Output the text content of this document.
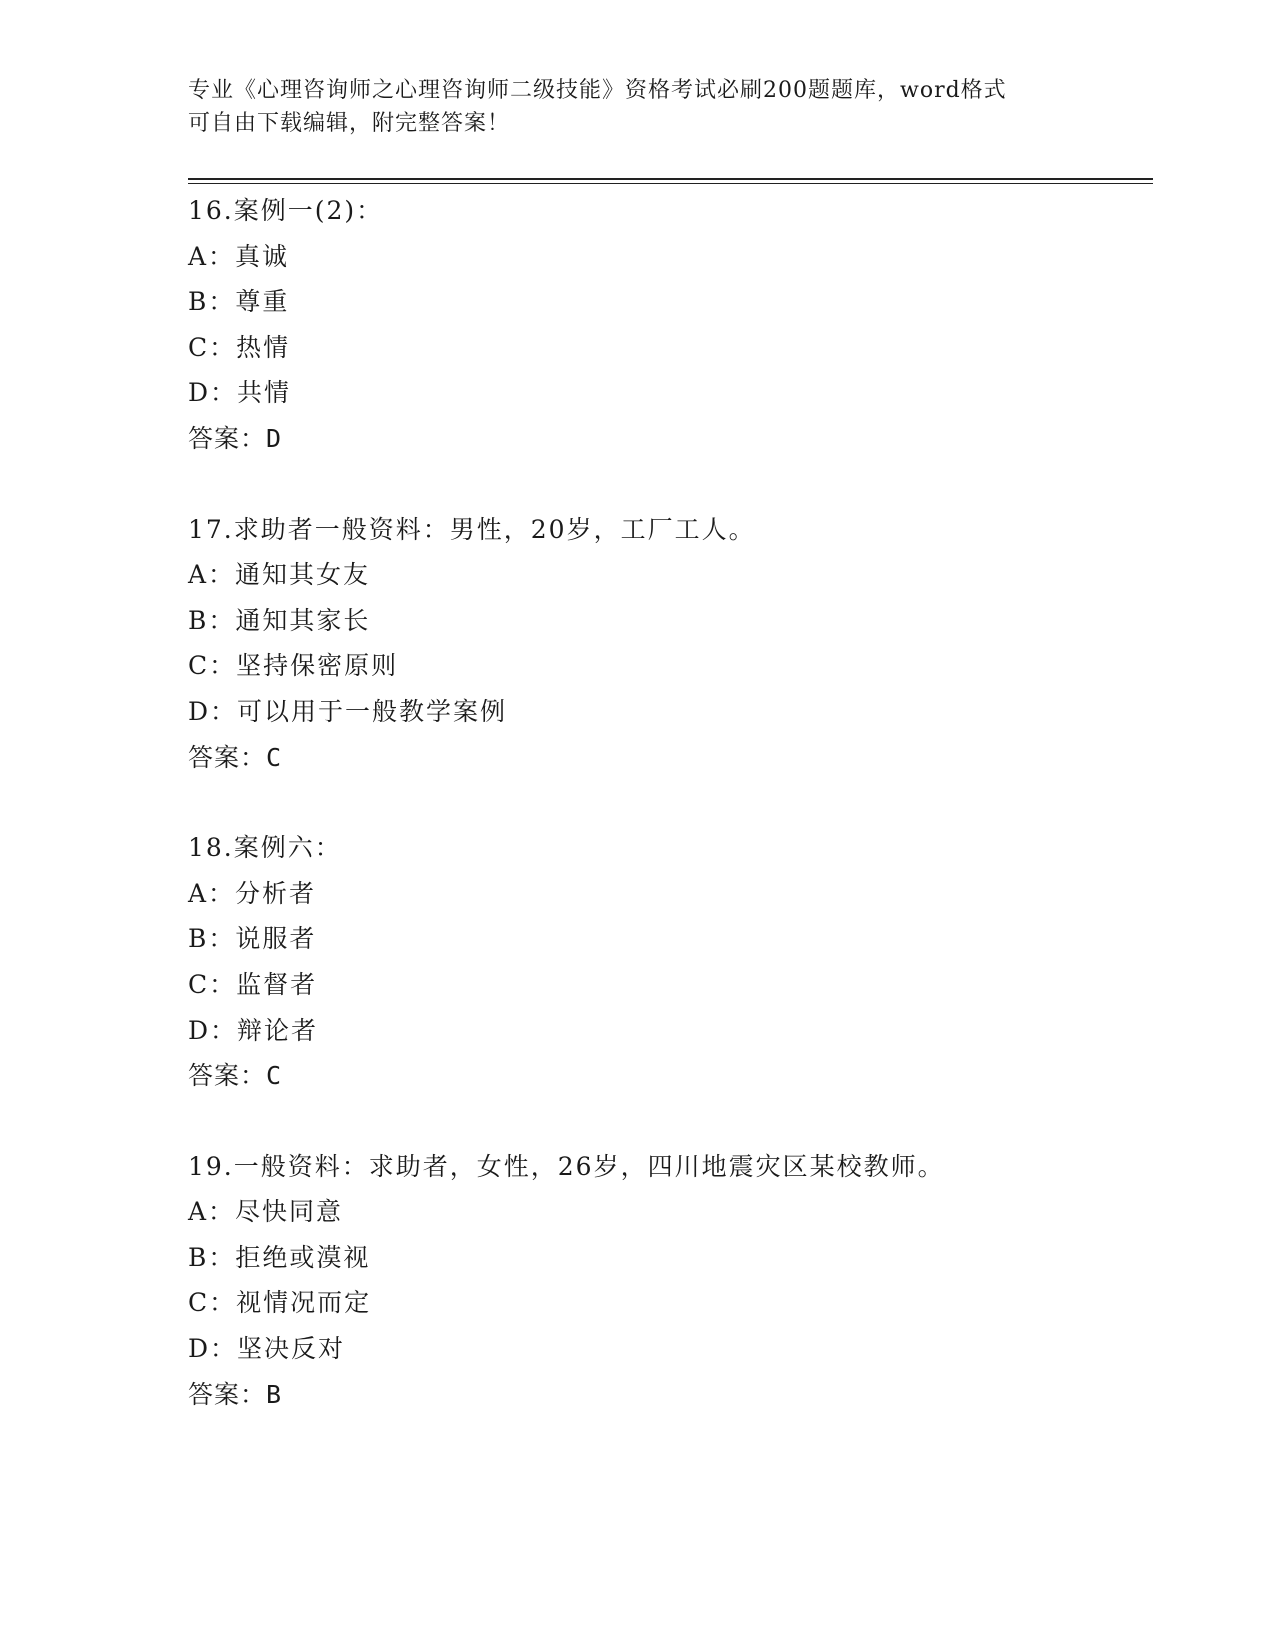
专业《心理咨询师之心理咨询师二级技能》资格考试必刷200题题库，word格式
可自由下载编辑，附完整答案！
16.案例一(2)：
A：真诚
B：尊重
C：热情
D：共情
答案：D
17.求助者一般资料：男性，20岁，工厂工人。
A：通知其女友
B：通知其家长
C：坚持保密原则
D：可以用于一般教学案例
答案：C
18.案例六：
A：分析者
B：说服者
C：监督者
D：辩论者
答案：C
19.一般资料：求助者，女性，26岁，四川地震灾区某校教师。
A：尽快同意
B：拒绝或漠视
C：视情况而定
D：坚决反对
答案：B
